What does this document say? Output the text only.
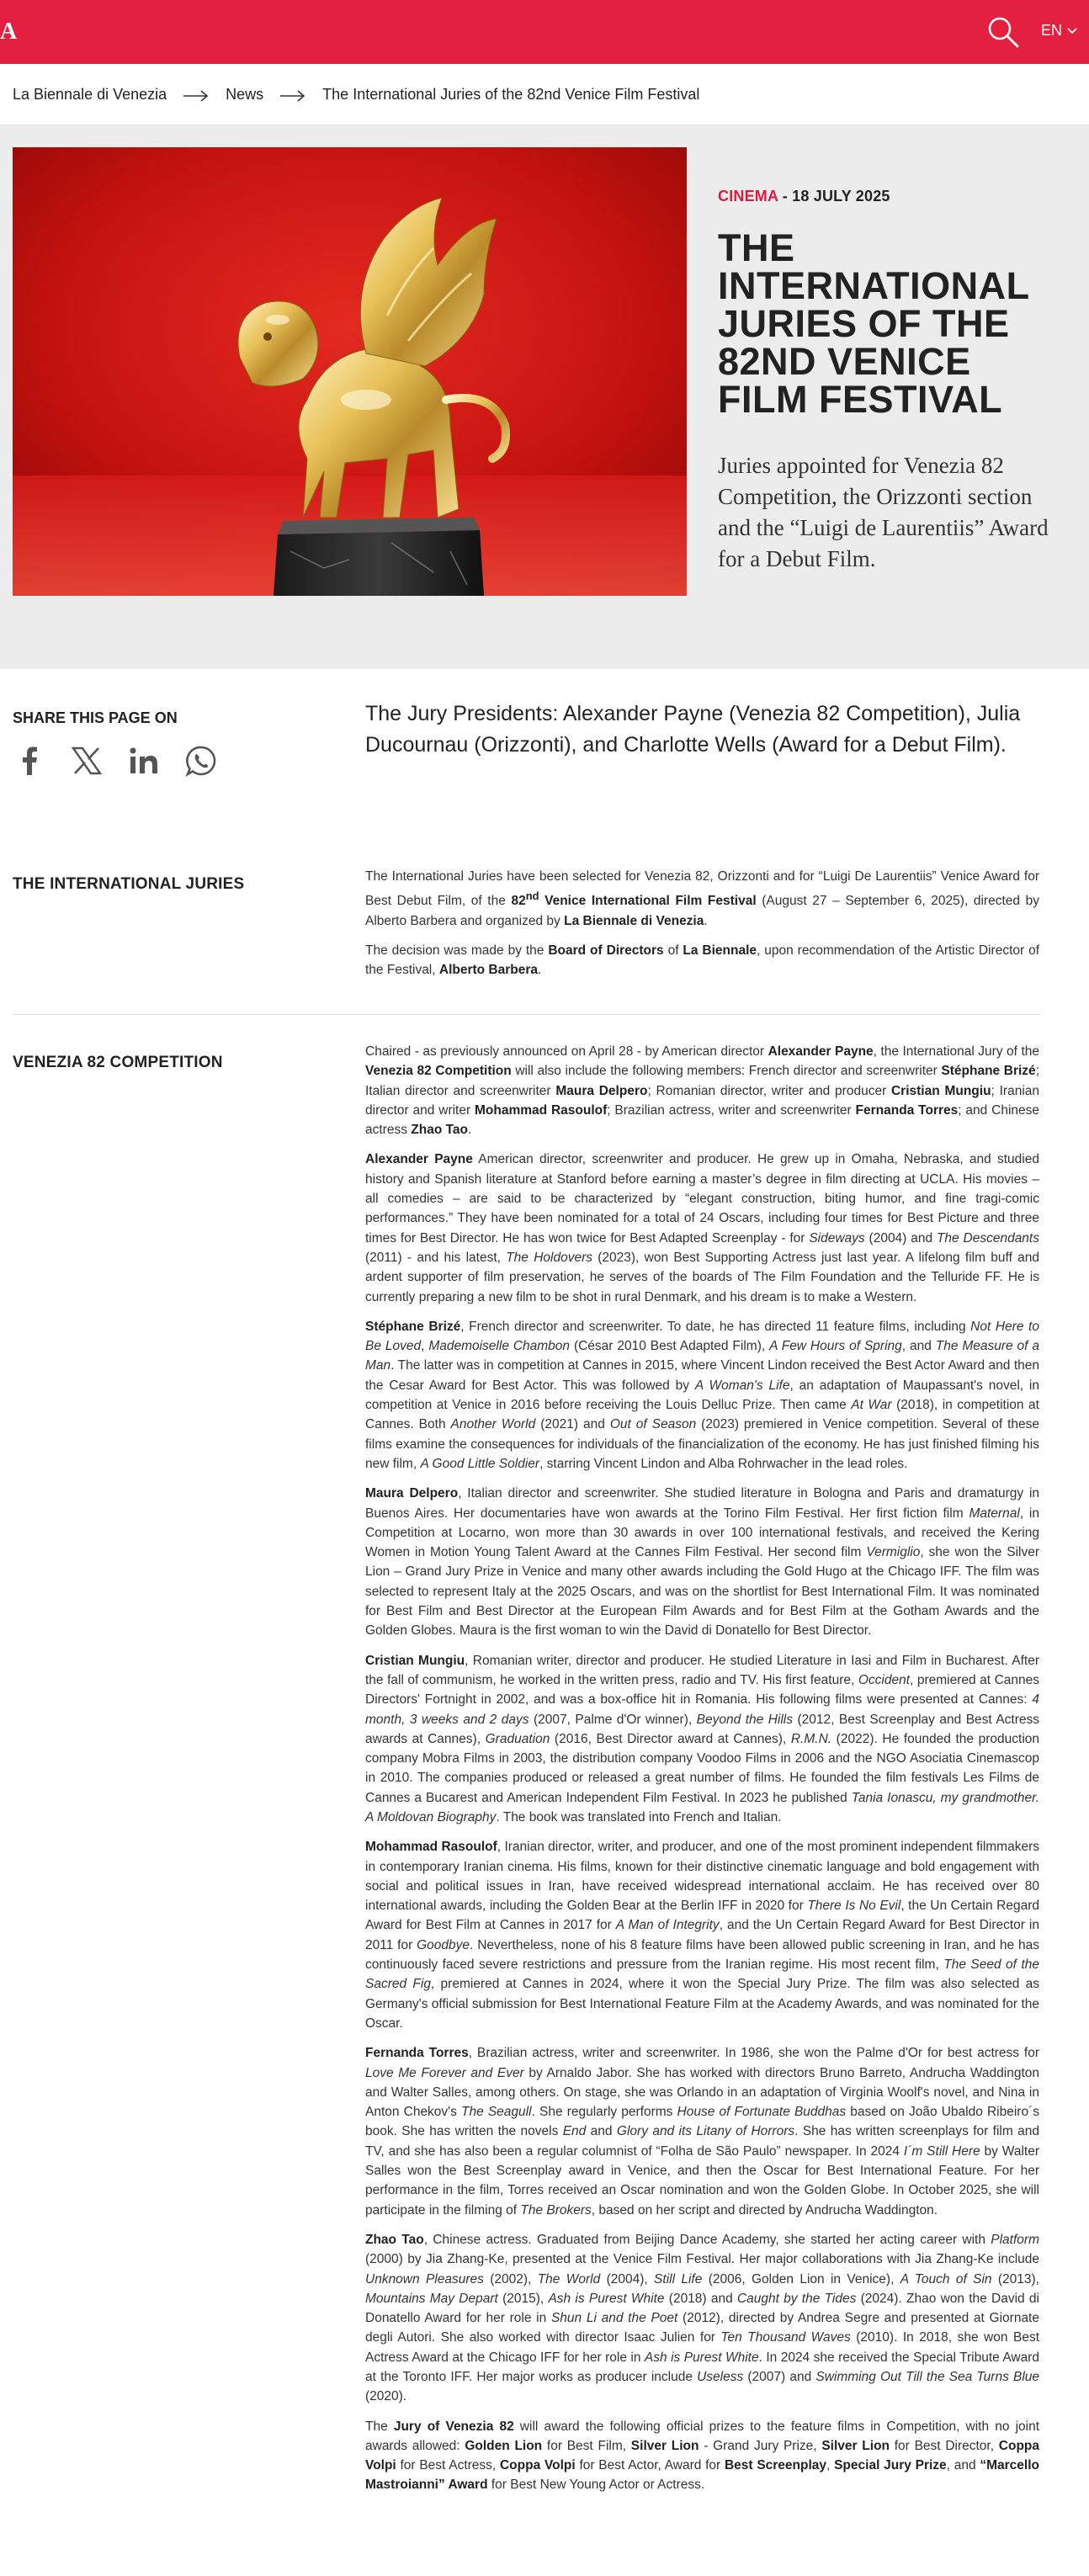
A	EN
La Biennale di Venezia	News	The International Juries of the 82nd Venice Film Festival

CINEMA - 18 JULY 2025

THE INTERNATIONAL JURIES OF THE 82ND VENICE FILM FESTIVAL

Juries appointed for Venezia 82 Competition, the Orizzonti section and the “Luigi de Laurentiis” Award for a Debut Film.

SHARE THIS PAGE ON	The Jury Presidents: Alexander Payne (Venezia 82 Competition), Julia Ducournau (Orizzonti), and Charlotte Wells (Award for a Debut Film).

THE INTERNATIONAL JURIES	The International Juries have been selected for Venezia 82, Orizzonti and for “Luigi De Laurentiis” Venice Award for Best Debut Film, of the 82nd Venice International Film Festival (August 27 – September 6, 2025), directed by Alberto Barbera and organized by La Biennale di Venezia.

The decision was made by the Board of Directors of La Biennale, upon recommendation of the Artistic Director of the Festival, Alberto Barbera.

VENEZIA 82 COMPETITION

Chaired - as previously announced on April 28 - by American director Alexander Payne, the International Jury of the Venezia 82 Competition will also include the following members: French director and screenwriter Stéphane Brizé; Italian director and screenwriter Maura Delpero; Romanian director, writer and producer Cristian Mungiu; Iranian director and writer Mohammad Rasoulof; Brazilian actress, writer and screenwriter Fernanda Torres; and Chinese actress Zhao Tao.

Alexander Payne American director, screenwriter and producer. He grew up in Omaha, Nebraska, and studied history and Spanish literature at Stanford before earning a master’s degree in film directing at UCLA. His movies – all comedies – are said to be characterized by “elegant construction, biting humor, and fine tragi-comic performances.” They have been nominated for a total of 24 Oscars, including four times for Best Picture and three times for Best Director. He has won twice for Best Adapted Screenplay - for Sideways (2004) and The Descendants (2011) - and his latest, The Holdovers (2023), won Best Supporting Actress just last year. A lifelong film buff and ardent supporter of film preservation, he serves of the boards of The Film Foundation and the Telluride FF. He is currently preparing a new film to be shot in rural Denmark, and his dream is to make a Western.

Stéphane Brizé, French director and screenwriter. To date, he has directed 11 feature films, including Not Here to Be Loved, Mademoiselle Chambon (César 2010 Best Adapted Film), A Few Hours of Spring, and The Measure of a Man. The latter was in competition at Cannes in 2015, where Vincent Lindon received the Best Actor Award and then the Cesar Award for Best Actor. This was followed by A Woman's Life, an adaptation of Maupassant's novel, in competition at Venice in 2016 before receiving the Louis Delluc Prize. Then came At War (2018), in competition at Cannes. Both Another World (2021) and Out of Season (2023) premiered in Venice competition. Several of these films examine the consequences for individuals of the financialization of the economy. He has just finished filming his new film, A Good Little Soldier, starring Vincent Lindon and Alba Rohrwacher in the lead roles.

Maura Delpero, Italian director and screenwriter. She studied literature in Bologna and Paris and dramaturgy in Buenos Aires. Her documentaries have won awards at the Torino Film Festival. Her first fiction film Maternal, in Competition at Locarno, won more than 30 awards in over 100 international festivals, and received the Kering Women in Motion Young Talent Award at the Cannes Film Festival. Her second film Vermiglio, she won the Silver Lion – Grand Jury Prize in Venice and many other awards including the Gold Hugo at the Chicago IFF. The film was selected to represent Italy at the 2025 Oscars, and was on the shortlist for Best International Film. It was nominated for Best Film and Best Director at the European Film Awards and for Best Film at the Gotham Awards and the Golden Globes. Maura is the first woman to win the David di Donatello for Best Director.

Cristian Mungiu, Romanian writer, director and producer. He studied Literature in Iasi and Film in Bucharest. After the fall of communism, he worked in the written press, radio and TV. His first feature, Occident, premiered at Cannes Directors' Fortnight in 2002, and was a box-office hit in Romania. His following films were presented at Cannes: 4 month, 3 weeks and 2 days (2007, Palme d'Or winner), Beyond the Hills (2012, Best Screenplay and Best Actress awards at Cannes), Graduation (2016, Best Director award at Cannes), R.M.N. (2022). He founded the production company Mobra Films in 2003, the distribution company Voodoo Films in 2006 and the NGO Asociatia Cinemascop in 2010. The companies produced or released a great number of films. He founded the film festivals Les Films de Cannes a Bucarest and American Independent Film Festival. In 2023 he published Tania Ionascu, my grandmother. A Moldovan Biography. The book was translated into French and Italian.

Mohammad Rasoulof, Iranian director, writer, and producer, and one of the most prominent independent filmmakers in contemporary Iranian cinema. His films, known for their distinctive cinematic language and bold engagement with social and political issues in Iran, have received widespread international acclaim. He has received over 80 international awards, including the Golden Bear at the Berlin IFF in 2020 for There Is No Evil, the Un Certain Regard Award for Best Film at Cannes in 2017 for A Man of Integrity, and the Un Certain Regard Award for Best Director in 2011 for Goodbye. Nevertheless, none of his 8 feature films have been allowed public screening in Iran, and he has continuously faced severe restrictions and pressure from the Iranian regime. His most recent film, The Seed of the Sacred Fig, premiered at Cannes in 2024, where it won the Special Jury Prize. The film was also selected as Germany's official submission for Best International Feature Film at the Academy Awards, and was nominated for the Oscar.

Fernanda Torres, Brazilian actress, writer and screenwriter. In 1986, she won the Palme d'Or for best actress for Love Me Forever and Ever by Arnaldo Jabor. She has worked with directors Bruno Barreto, Andrucha Waddington and Walter Salles, among others. On stage, she was Orlando in an adaptation of Virginia Woolf's novel, and Nina in Anton Chekov's The Seagull. She regularly performs House of Fortunate Buddhas based on João Ubaldo Ribeiro´s book. She has written the novels End and Glory and its Litany of Horrors. She has written screenplays for film and TV, and she has also been a regular columnist of “Folha de São Paulo” newspaper. In 2024 I´m Still Here by Walter Salles won the Best Screenplay award in Venice, and then the Oscar for Best International Feature. For her performance in the film, Torres received an Oscar nomination and won the Golden Globe. In October 2025, she will participate in the filming of The Brokers, based on her script and directed by Andrucha Waddington.

Zhao Tao, Chinese actress. Graduated from Beijing Dance Academy, she started her acting career with Platform (2000) by Jia Zhang-Ke, presented at the Venice Film Festival. Her major collaborations with Jia Zhang-Ke include Unknown Pleasures (2002), The World (2004), Still Life (2006, Golden Lion in Venice), A Touch of Sin (2013), Mountains May Depart (2015), Ash is Purest White (2018) and Caught by the Tides (2024). Zhao won the David di Donatello Award for her role in Shun Li and the Poet (2012), directed by Andrea Segre and presented at Giornate degli Autori. She also worked with director Isaac Julien for Ten Thousand Waves (2010). In 2018, she won Best Actress Award at the Chicago IFF for her role in Ash is Purest White. In 2024 she received the Special Tribute Award at the Toronto IFF. Her major works as producer include Useless (2007) and Swimming Out Till the Sea Turns Blue (2020).

The Jury of Venezia 82 will award the following official prizes to the feature films in Competition, with no joint awards allowed: Golden Lion for Best Film, Silver Lion - Grand Jury Prize, Silver Lion for Best Director, Coppa Volpi for Best Actress, Coppa Volpi for Best Actor, Award for Best Screenplay, Special Jury Prize, and “Marcello Mastroianni” Award for Best New Young Actor or Actress.
